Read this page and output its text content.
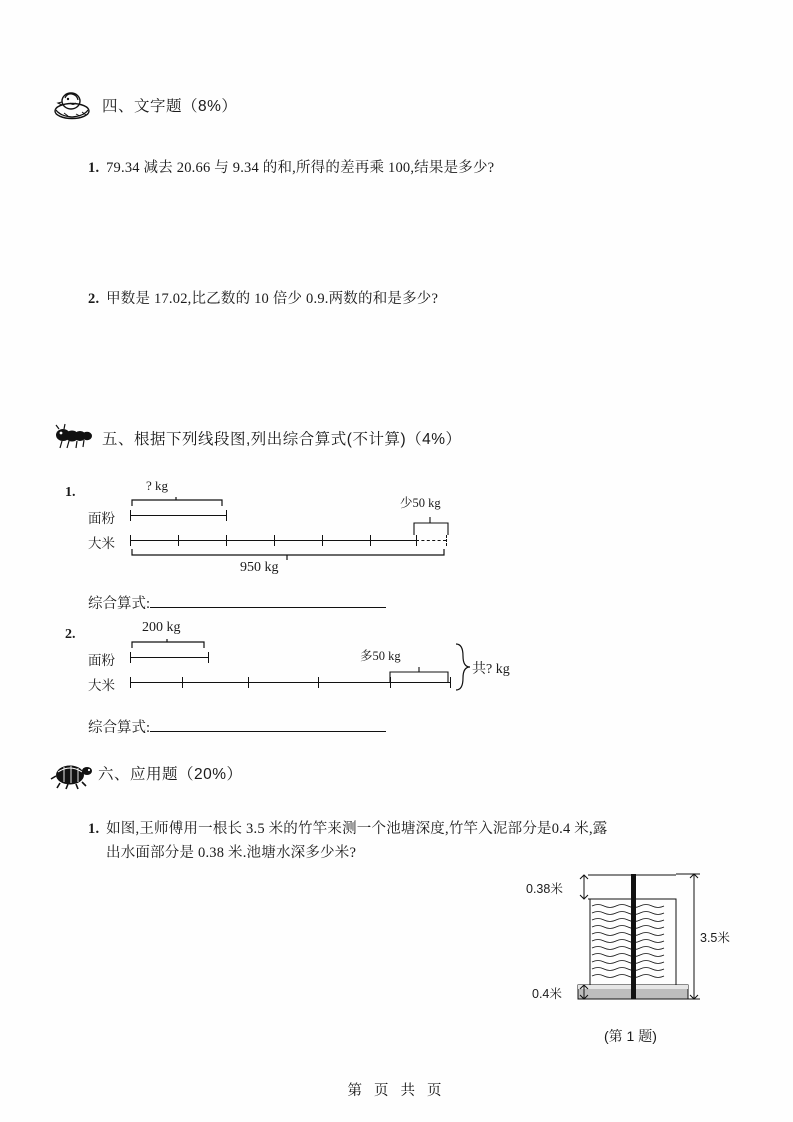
四、文字题（8%）
1. 79.34 减去 20.66 与 9.34 的和,所得的差再乘 100,结果是多少?
2. 甲数是 17.02,比乙数的 10 倍少 0.9.两数的和是多少?
五、根据下列线段图,列出综合算式(不计算)（4%）
1.	? kg
面粉
大米
少50 kg
950 kg
综合算式:
2.	200 kg
面粉
大米
多50 kg
共? kg
综合算式:
六、应用题（20%）
1. 如图,王师傅用一根长 3.5 米的竹竿来测一个池塘深度,竹竿入泥部分是0.4 米,露
出水面部分是 0.38 米.池塘水深多少米?
0.38米
0.4米
3.5米
(第 1 题)
第 页 共 页
